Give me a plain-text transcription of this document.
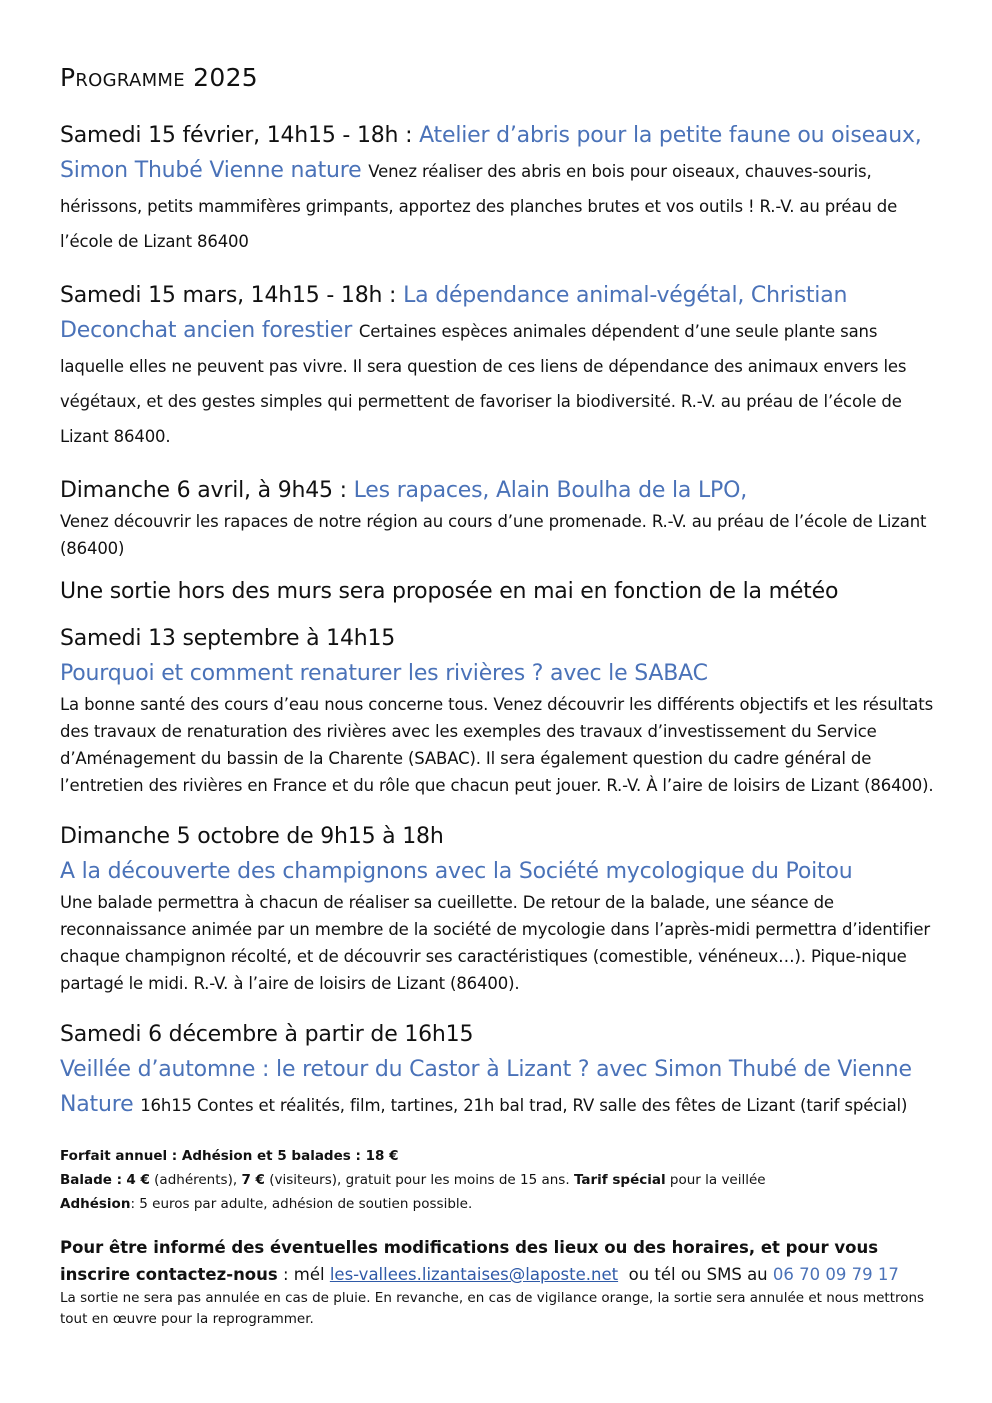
Programme 2025
Samedi 15 février, 14h15 - 18h : Atelier d’abris pour la petite faune ou oiseaux, Simon Thubé Vienne nature Venez réaliser des abris en bois pour oiseaux, chauves-souris, hérissons, petits mammifères grimpants, apportez des planches brutes et vos outils ! R.-V. au préau de l’école de Lizant 86400
Samedi 15 mars, 14h15 - 18h : La dépendance animal-végétal, Christian Deconchat ancien forestier Certaines espèces animales dépendent d’une seule plante sans laquelle elles ne peuvent pas vivre. Il sera question de ces liens de dépendance des animaux envers les végétaux, et des gestes simples qui permettent de favoriser la biodiversité. R.-V. au préau de l’école de Lizant 86400.
Dimanche 6 avril, à 9h45 : Les rapaces, Alain Boulha de la LPO,

Venez découvrir les rapaces de notre région au cours d’une promenade. R.-V. au préau de l’école de Lizant (86400)

Une sortie hors des murs sera proposée en mai en fonction de la météo
Samedi 13 septembre à 14h15
Pourquoi et comment renaturer les rivières ? avec le SABAC

La bonne santé des cours d’eau nous concerne tous. Venez découvrir les différents objectifs et les résultats des travaux de renaturation des rivières avec les exemples des travaux d’investissement du Service d’Aménagement du bassin de la Charente (SABAC). Il sera également question du cadre général de l’entretien des rivières en France et du rôle que chacun peut jouer. R.-V. À l’aire de loisirs de Lizant (86400).

Dimanche 5 octobre de 9h15 à 18h
A la découverte des champignons avec la Société mycologique du Poitou

Une balade permettra à chacun de réaliser sa cueillette. De retour de la balade, une séance de reconnaissance animée par un membre de la société de mycologie dans l’après-midi permettra d’identifier chaque champignon récolté, et de découvrir ses caractéristiques (comestible, vénéneux…). Pique-nique partagé le midi. R.-V. à l’aire de loisirs de Lizant (86400).

Samedi 6 décembre à partir de 16h15
Veillée d’automne : le retour du Castor à Lizant ? avec Simon Thubé de Vienne Nature 16h15 Contes et réalités, film, tartines, 21h bal trad, RV salle des fêtes de Lizant (tarif spécial)

Forfait annuel : Adhésion et 5 balades : 18 €

Balade : 4 € (adhérents), 7 € (visiteurs), gratuit pour les moins de 15 ans. Tarif spécial pour la veillée

Adhésion: 5 euros par adulte, adhésion de soutien possible.

Pour être informé des éventuelles modifications des lieux ou des horaires, et pour vous inscrire contactez-nous : mél les-vallees.lizantaises@laposte.net ou tél ou SMS au 06 70 09 79 17

La sortie ne sera pas annulée en cas de pluie. En revanche, en cas de vigilance orange, la sortie sera annulée et nous mettrons tout en œuvre pour la reprogrammer.
